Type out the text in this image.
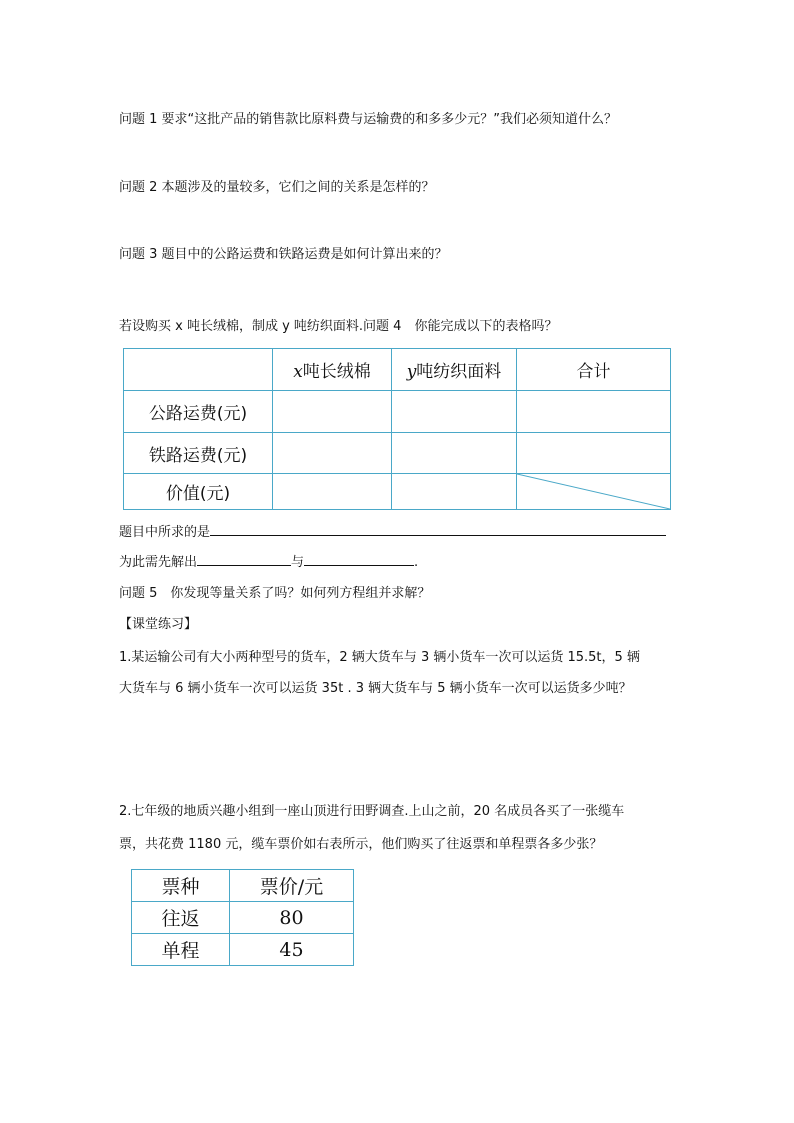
问题 1 要求“这批产品的销售款比原料费与运输费的和多多少元？”我们必须知道什么？
问题 2 本题涉及的量较多，它们之间的关系是怎样的？
问题 3 题目中的公路运费和铁路运费是如何计算出来的？
若设购买 x 吨长绒棉，制成 y 吨纺织面料.问题 4　你能完成以下的表格吗？
	x吨长绒棉	y吨纺织面料	合计
公路运费(元)			
铁路运费(元)			
价值(元)			
题目中所求的是
为此需先解出	与	.
问题 5　你发现等量关系了吗？如何列方程组并求解？
【课堂练习】
1.某运输公司有大小两种型号的货车，2 辆大货车与 3 辆小货车一次可以运货 15.5t，5 辆
大货车与 6 辆小货车一次可以运货 35t . 3 辆大货车与 5 辆小货车一次可以运货多少吨？
2.七年级的地质兴趣小组到一座山顶进行田野调查.上山之前，20 名成员各买了一张缆车
票，共花费 1180 元，缆车票价如右表所示，他们购买了往返票和单程票各多少张？
票种	票价/元
往返	80
单程	45
